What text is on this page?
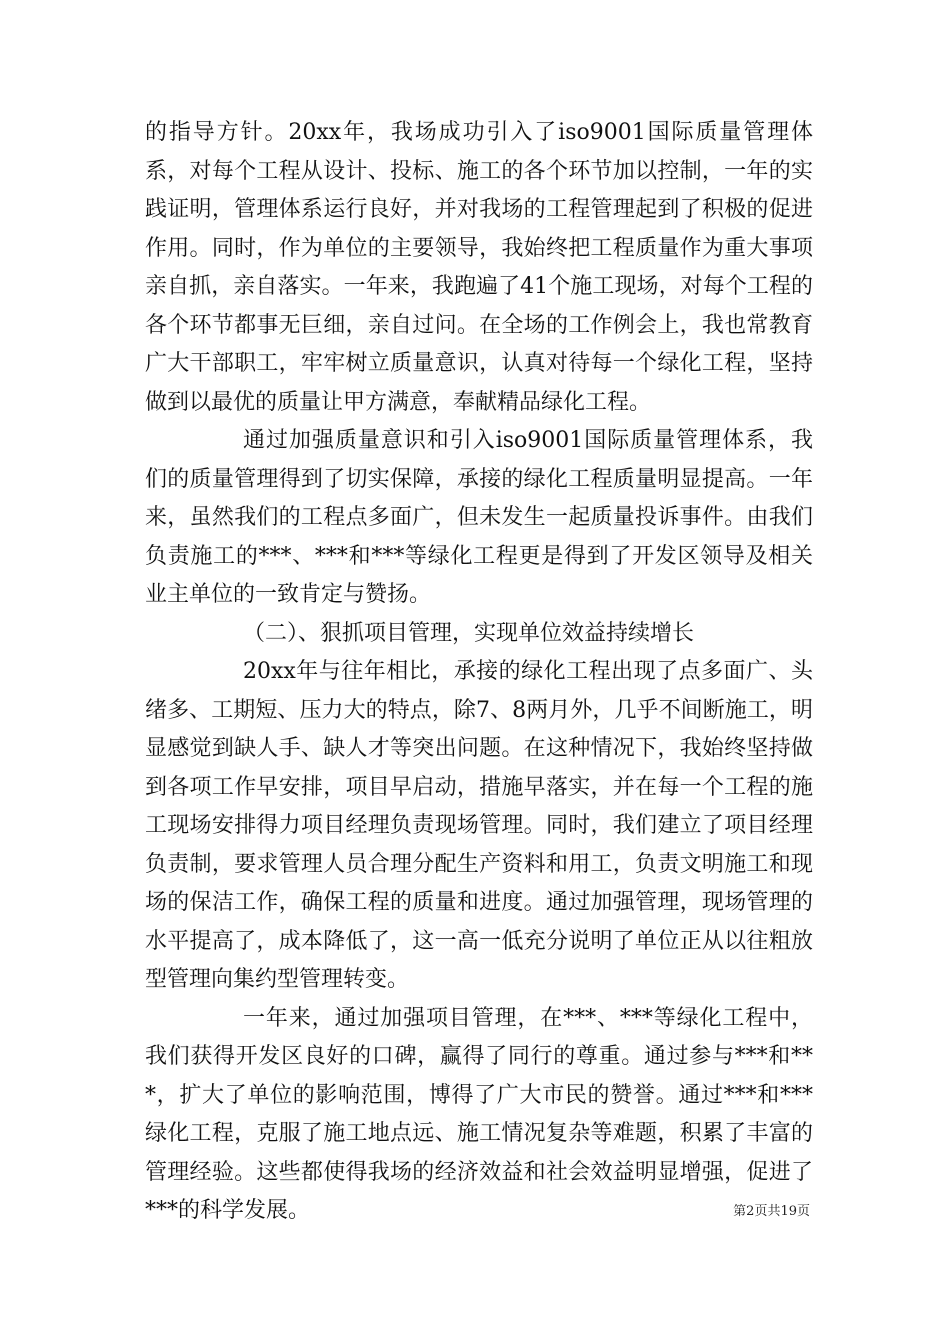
的指导方针。20xx年，我场成功引入了iso9001国际质量管理体系，对每个工程从设计、投标、施工的各个环节加以控制，一年的实践证明，管理体系运行良好，并对我场的工程管理起到了积极的促进作用。同时，作为单位的主要领导，我始终把工程质量作为重大事项亲自抓，亲自落实。一年来，我跑遍了41个施工现场，对每个工程的各个环节都事无巨细，亲自过问。在全场的工作例会上，我也常教育广大干部职工，牢牢树立质量意识，认真对待每一个绿化工程，坚持做到以最优的质量让甲方满意，奉献精品绿化工程。

通过加强质量意识和引入iso9001国际质量管理体系，我们的质量管理得到了切实保障，承接的绿化工程质量明显提高。一年来，虽然我们的工程点多面广，但未发生一起质量投诉事件。由我们负责施工的***、***和***等绿化工程更是得到了开发区领导及相关业主单位的一致肯定与赞扬。

（二）、狠抓项目管理，实现单位效益持续增长

20xx年与往年相比，承接的绿化工程出现了点多面广、头绪多、工期短、压力大的特点，除7、8两月外，几乎不间断施工，明显感觉到缺人手、缺人才等突出问题。在这种情况下，我始终坚持做到各项工作早安排，项目早启动，措施早落实，并在每一个工程的施工现场安排得力项目经理负责现场管理。同时，我们建立了项目经理负责制，要求管理人员合理分配生产资料和用工，负责文明施工和现场的保洁工作，确保工程的质量和进度。通过加强管理，现场管理的水平提高了，成本降低了，这一高一低充分说明了单位正从以往粗放型管理向集约型管理转变。

一年来，通过加强项目管理，在***、***等绿化工程中，我们获得开发区良好的口碑，赢得了同行的尊重。通过参与***和***，扩大了单位的影响范围，博得了广大市民的赞誉。通过***和***绿化工程，克服了施工地点远、施工情况复杂等难题，积累了丰富的管理经验。这些都使得我场的经济效益和社会效益明显增强，促进了***的科学发展。	第2页共19页
